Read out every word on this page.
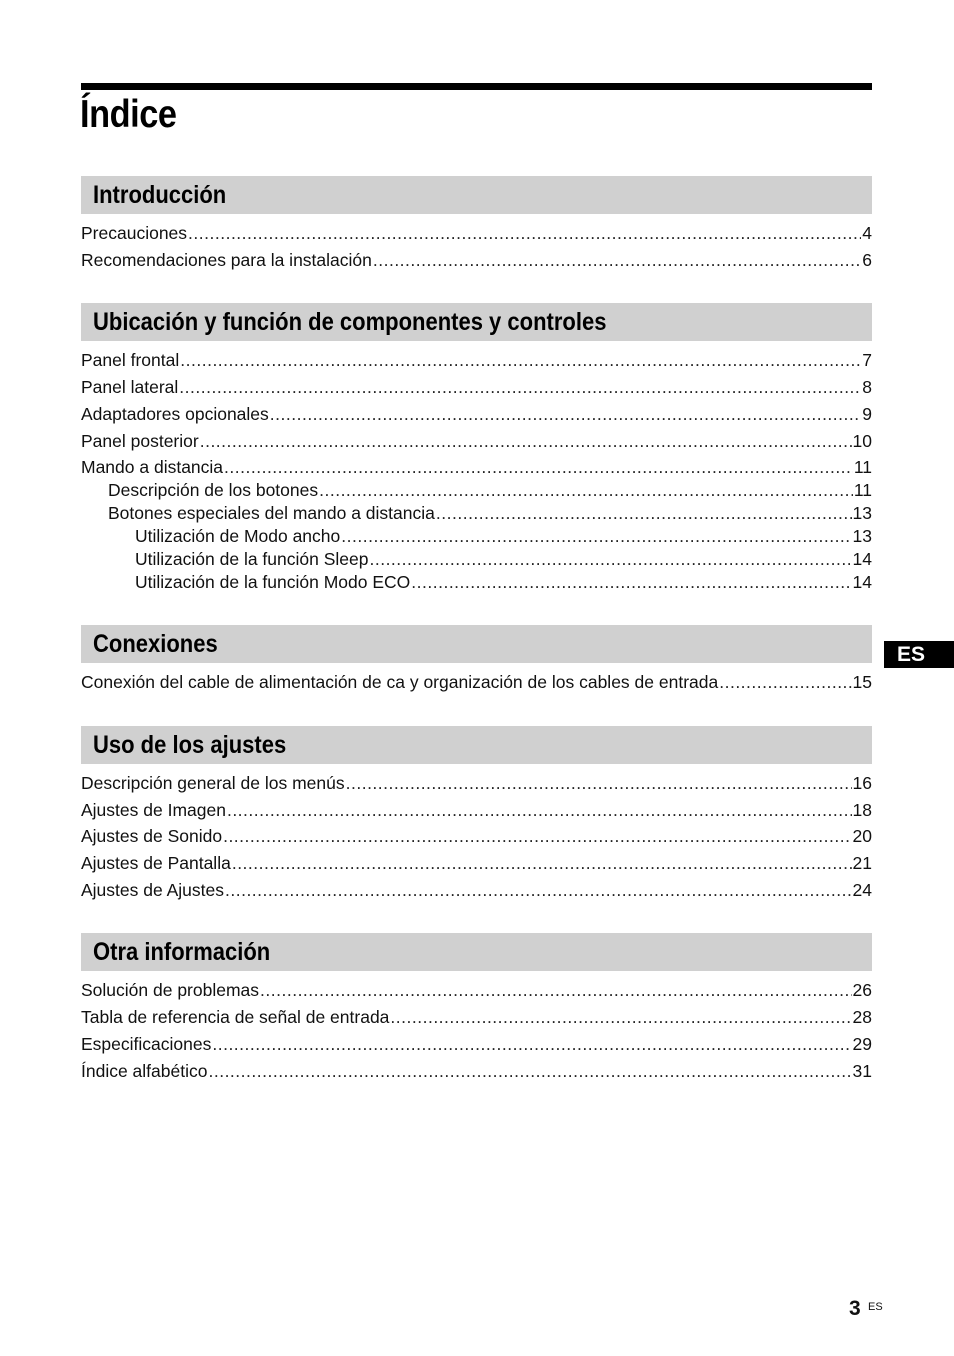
Índice
Introducción
Precauciones .....	4
Recomendaciones para la instalación .....	6
Ubicación y función de componentes y controles
Panel frontal .....	7
Panel lateral .....	8
Adaptadores opcionales .....	9
Panel posterior .....	10
Mando a distancia .....	11
Descripción de los botones .....	11
Botones especiales del mando a distancia .....	13
Utilización de Modo ancho .....	13
Utilización de la función Sleep .....	14
Utilización de la función Modo ECO .....	14
Conexiones
Conexión del cable de alimentación de ca y organización de los cables de entrada .....	15
Uso de los ajustes
Descripción general de los menús .....	16
Ajustes de Imagen .....	18
Ajustes de Sonido .....	20
Ajustes de Pantalla .....	21
Ajustes de Ajustes .....	24
Otra información
Solución de problemas .....	26
Tabla de referencia de señal de entrada .....	28
Especificaciones .....	29
Índice alfabético .....	31
ES
3 ES
